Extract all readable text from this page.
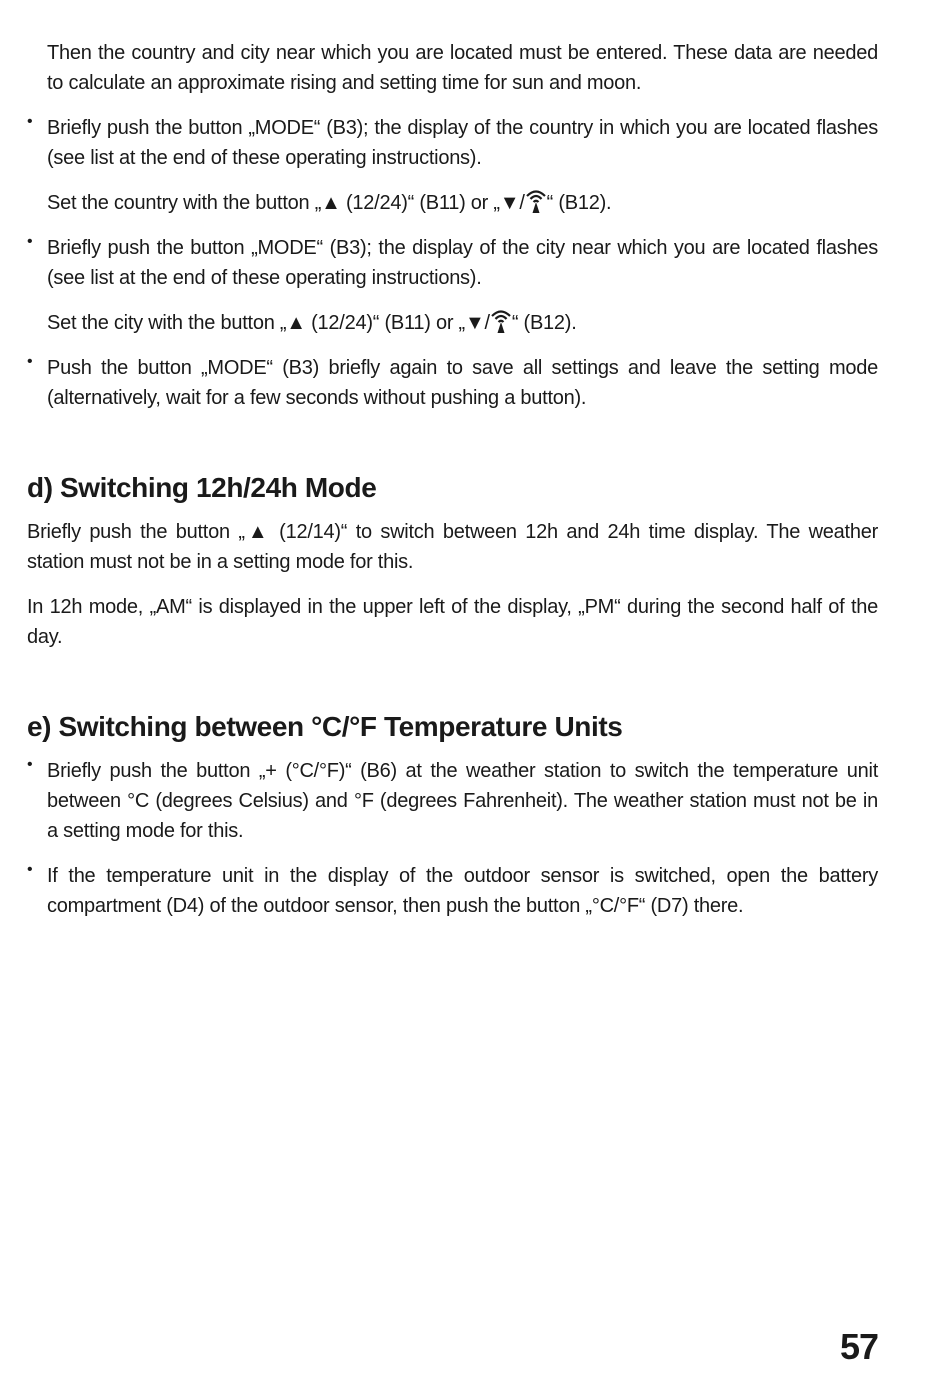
Then the country and city near which you are located must be entered. These data are needed to calculate an approximate rising and setting time for sun and moon.

• Briefly push the button „MODE“ (B3); the display of the country in which you are located flashes (see list at the end of these operating instructions).

Set the country with the button „▲ (12/24)“ (B11) or „▼/ “ (B12).

• Briefly push the button „MODE“ (B3); the display of the city near which you are located flashes (see list at the end of these operating instructions).

Set the city with the button „▲ (12/24)“ (B11) or „▼/ “ (B12).

• Push the button „MODE“ (B3) briefly again to save all settings and leave the setting mode (alternatively, wait for a few seconds without pushing a button).

d) Switching 12h/24h Mode

Briefly push the button „▲ (12/14)“ to switch between 12h and 24h time display. The weather station must not be in a setting mode for this.

In 12h mode, „AM“ is displayed in the upper left of the display, „PM“ during the second half of the day.

e) Switching between °C/°F Temperature Units
• Briefly push the button „+ (°C/°F)“ (B6) at the weather station to switch the temperature unit between °C (degrees Celsius) and °F (degrees Fahrenheit). The weather station must not be in a setting mode for this.

• If the temperature unit in the display of the outdoor sensor is switched, open the battery compartment (D4) of the outdoor sensor, then push the button „°C/°F“ (D7) there.

57
